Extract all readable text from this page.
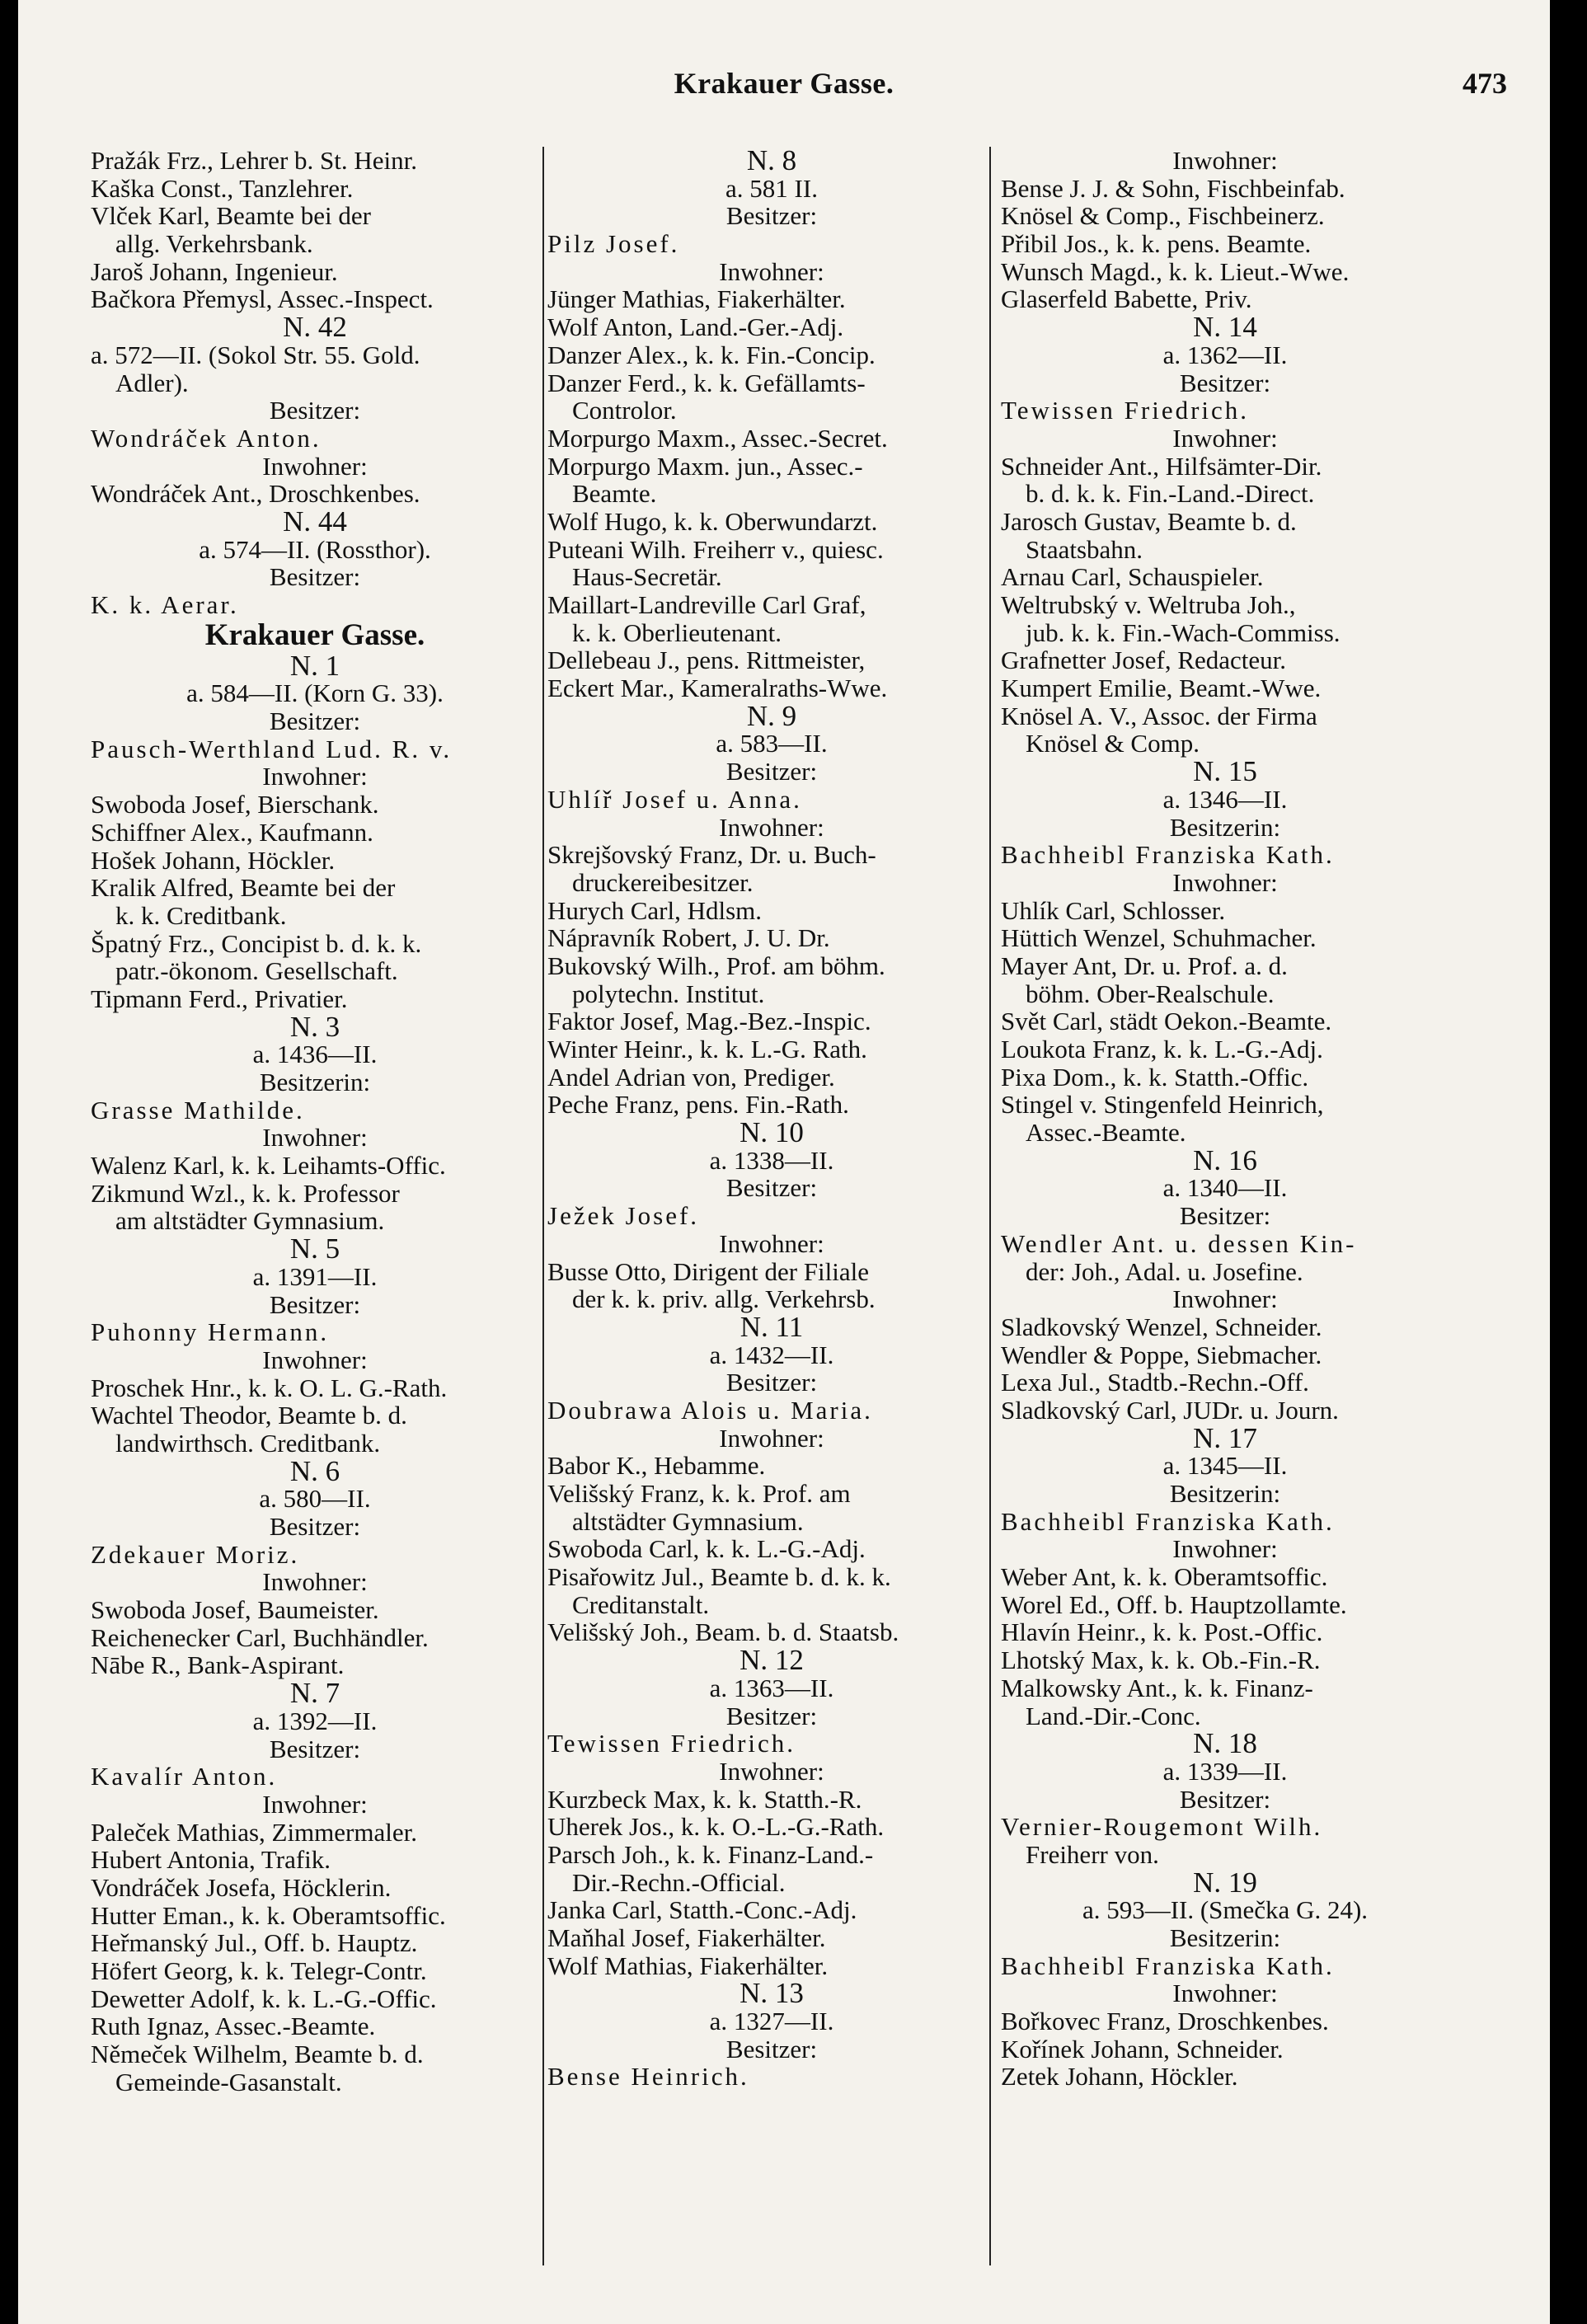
Krakauer Gasse.	473
Pražák Frz., Lehrer b. St. Heinr.
Kaška Const., Tanzlehrer.
Vlček Karl, Beamte bei der
allg. Verkehrsbank.
Jaroš Johann, Ingenieur.
Bačkora Přemysl, Assec.-Inspect.
N. 42
a. 572—II. (Sokol Str. 55. Gold.
Adler).
Besitzer:
Wondráček Anton.
Inwohner:
Wondráček Ant., Droschkenbes.
N. 44
a. 574—II. (Rossthor).
Besitzer:
K. k. Aerar.
Krakauer Gasse.
N. 1
a. 584—II. (Korn G. 33).
Besitzer:
Pausch-Werthland Lud. R. v.
Inwohner:
Swoboda Josef, Bierschank.
Schiffner Alex., Kaufmann.
Hošek Johann, Höckler.
Kralik Alfred, Beamte bei der
k. k. Creditbank.
Špatný Frz., Concipist b. d. k. k.
patr.-ökonom. Gesellschaft.
Tipmann Ferd., Privatier.
N. 3
a. 1436—II.
Besitzerin:
Grasse Mathilde.
Inwohner:
Walenz Karl, k. k. Leihamts-Offic.
Zikmund Wzl., k. k. Professor
am altstädter Gymnasium.
N. 5
a. 1391—II.
Besitzer:
Puhonny Hermann.
Inwohner:
Proschek Hnr., k. k. O. L. G.-Rath.
Wachtel Theodor, Beamte b. d.
landwirthsch. Creditbank.
N. 6
a. 580—II.
Besitzer:
Zdekauer Moriz.
Inwohner:
Swoboda Josef, Baumeister.
Reichenecker Carl, Buchhändler.
Nābe R., Bank-Aspirant.
N. 7
a. 1392—II.
Besitzer:
Kavalír Anton.
Inwohner:
Paleček Mathias, Zimmermaler.
Hubert Antonia, Trafik.
Vondráček Josefa, Höcklerin.
Hutter Eman., k. k. Oberamtsoffic.
Heřmanský Jul., Off. b. Hauptz.
Höfert Georg, k. k. Telegr-Contr.
Dewetter Adolf, k. k. L.-G.-Offic.
Ruth Ignaz, Assec.-Beamte.
Němeček Wilhelm, Beamte b. d.
Gemeinde-Gasanstalt.
N. 8
a. 581 II.
Besitzer:
Pilz Josef.
Inwohner:
Jünger Mathias, Fiakerhälter.
Wolf Anton, Land.-Ger.-Adj.
Danzer Alex., k. k. Fin.-Concip.
Danzer Ferd., k. k. Gefällamts-
Controlor.
Morpurgo Maxm., Assec.-Secret.
Morpurgo Maxm. jun., Assec.-
Beamte.
Wolf Hugo, k. k. Oberwundarzt.
Puteani Wilh. Freiherr v., quiesc.
Haus-Secretär.
Maillart-Landreville Carl Graf,
k. k. Oberlieutenant.
Dellebeau J., pens. Rittmeister,
Eckert Mar., Kameralraths-Wwe.
N. 9
a. 583—II.
Besitzer:
Uhlíř Josef u. Anna.
Inwohner:
Skrejšovský Franz, Dr. u. Buch-
druckereibesitzer.
Hurych Carl, Hdlsm.
Nápravník Robert, J. U. Dr.
Bukovský Wilh., Prof. am böhm.
polytechn. Institut.
Faktor Josef, Mag.-Bez.-Inspic.
Winter Heinr., k. k. L.-G. Rath.
Andel Adrian von, Prediger.
Peche Franz, pens. Fin.-Rath.
N. 10
a. 1338—II.
Besitzer:
Ježek Josef.
Inwohner:
Busse Otto, Dirigent der Filiale
der k. k. priv. allg. Verkehrsb.
N. 11
a. 1432—II.
Besitzer:
Doubrawa Alois u. Maria.
Inwohner:
Babor K., Hebamme.
Velišský Franz, k. k. Prof. am
altstädter Gymnasium.
Swoboda Carl, k. k. L.-G.-Adj.
Pisařowitz Jul., Beamte b. d. k. k.
Creditanstalt.
Velišský Joh., Beam. b. d. Staatsb.
N. 12
a. 1363—II.
Besitzer:
Tewissen Friedrich.
Inwohner:
Kurzbeck Max, k. k. Statth.-R.
Uherek Jos., k. k. O.-L.-G.-Rath.
Parsch Joh., k. k. Finanz-Land.-
Dir.-Rechn.-Official.
Janka Carl, Statth.-Conc.-Adj.
Maňhal Josef, Fiakerhälter.
Wolf Mathias, Fiakerhälter.
N. 13
a. 1327—II.
Besitzer:
Bense Heinrich.
Inwohner:
Bense J. J. & Sohn, Fischbeinfab.
Knösel & Comp., Fischbeinerz.
Přibil Jos., k. k. pens. Beamte.
Wunsch Magd., k. k. Lieut.-Wwe.
Glaserfeld Babette, Priv.
N. 14
a. 1362—II.
Besitzer:
Tewissen Friedrich.
Inwohner:
Schneider Ant., Hilfsämter-Dir.
b. d. k. k. Fin.-Land.-Direct.
Jarosch Gustav, Beamte b. d.
Staatsbahn.
Arnau Carl, Schauspieler.
Weltrubský v. Weltruba Joh.,
jub. k. k. Fin.-Wach-Commiss.
Grafnetter Josef, Redacteur.
Kumpert Emilie, Beamt.-Wwe.
Knösel A. V., Assoc. der Firma
Knösel & Comp.
N. 15
a. 1346—II.
Besitzerin:
Bachheibl Franziska Kath.
Inwohner:
Uhlík Carl, Schlosser.
Hüttich Wenzel, Schuhmacher.
Mayer Ant, Dr. u. Prof. a. d.
böhm. Ober-Realschule.
Svět Carl, städt Oekon.-Beamte.
Loukota Franz, k. k. L.-G.-Adj.
Pixa Dom., k. k. Statth.-Offic.
Stingel v. Stingenfeld Heinrich,
Assec.-Beamte.
N. 16
a. 1340—II.
Besitzer:
Wendler Ant. u. dessen Kin-
der: Joh., Adal. u. Josefine.
Inwohner:
Sladkovský Wenzel, Schneider.
Wendler & Poppe, Siebmacher.
Lexa Jul., Stadtb.-Rechn.-Off.
Sladkovský Carl, JUDr. u. Journ.
N. 17
a. 1345—II.
Besitzerin:
Bachheibl Franziska Kath.
Inwohner:
Weber Ant, k. k. Oberamtsoffic.
Worel Ed., Off. b. Hauptzollamte.
Hlavín Heinr., k. k. Post.-Offic.
Lhotský Max, k. k. Ob.-Fin.-R.
Malkowsky Ant., k. k. Finanz-
Land.-Dir.-Conc.
N. 18
a. 1339—II.
Besitzer:
Vernier-Rougemont Wilh.
Freiherr von.
N. 19
a. 593—II. (Smečka G. 24).
Besitzerin:
Bachheibl Franziska Kath.
Inwohner:
Bořkovec Franz, Droschkenbes.
Kořínek Johann, Schneider.
Zetek Johann, Höckler.
